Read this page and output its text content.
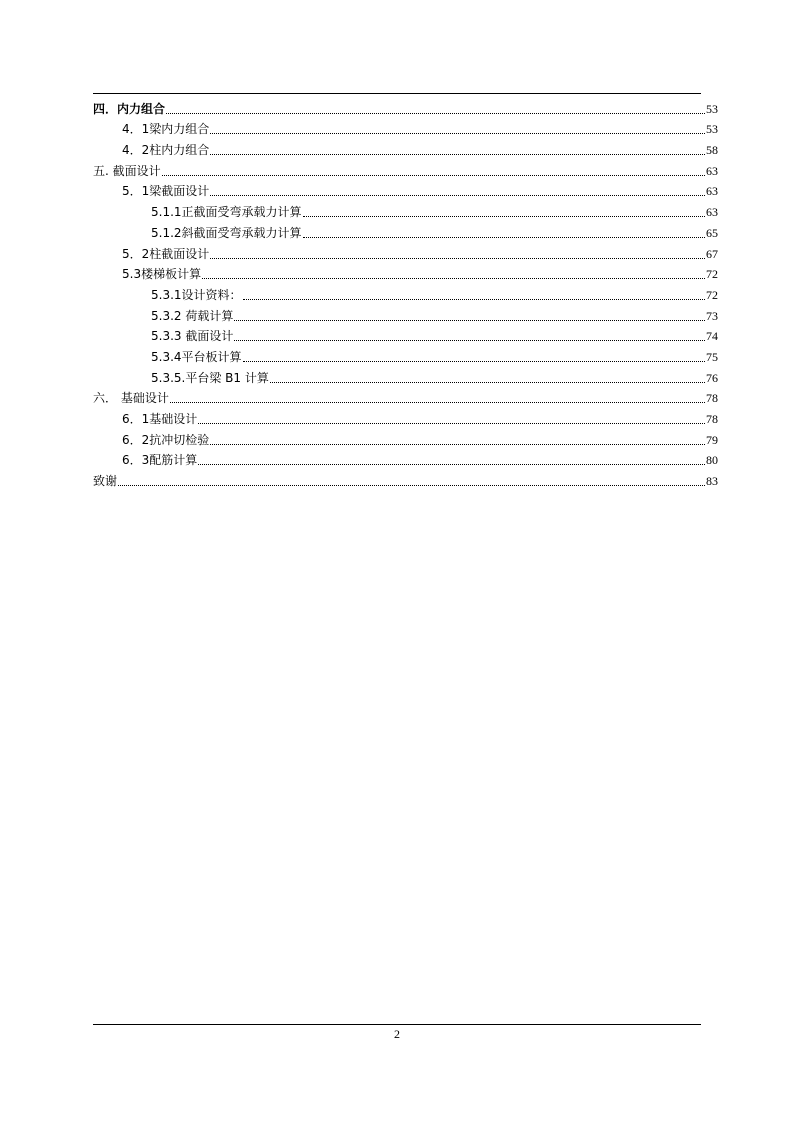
四．内力组合	53
4．1梁内力组合	53
4．2柱内力组合	58
五. 截面设计	63
5．1梁截面设计	63
5.1.1正截面受弯承载力计算	63
5.1.2斜截面受弯承载力计算	65
5．2柱截面设计	67
5.3楼梯板计算	72
5.3.1设计资料：	72
5.3.2 荷载计算	73
5.3.3 截面设计	74
5.3.4平台板计算	75
5.3.5.平台梁 B1 计算	76
六． 基础设计	78
6．1基础设计	78
6．2抗冲切检验	79
6．3配筋计算	80
致谢	83
2
